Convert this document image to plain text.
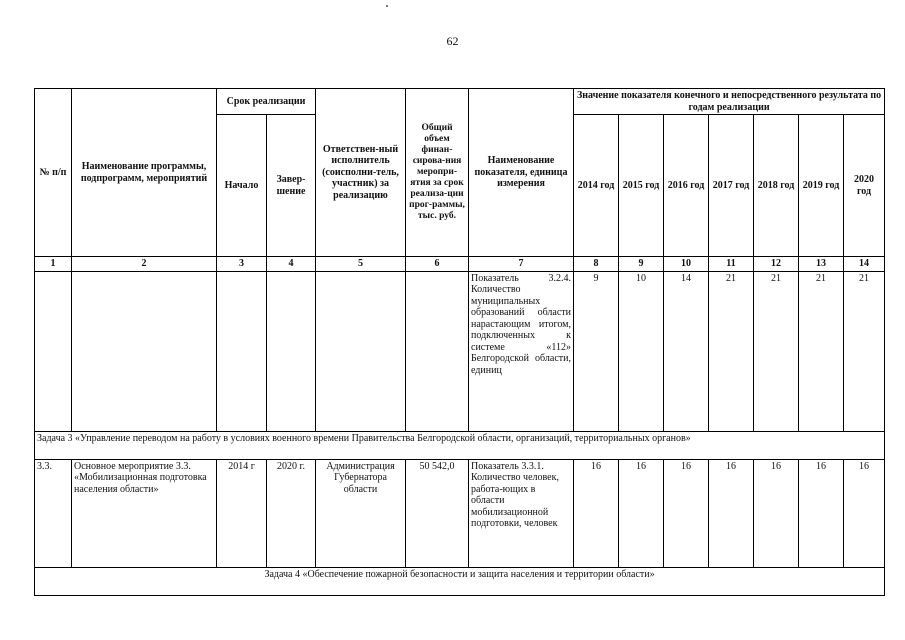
62
№ п/п	Наименование программы, подпрограмм, мероприятий	Срок реализации		Ответствен-ный исполнитель (соисполни-тель, участник) за реализацию	Общий объем финан-сирова-ния меропри-ятия за срок реализа-ции прог-раммы, тыс. руб.	Наименование показателя, единица измерения	Значение показателя конечного и непосредственного результата по годам реализации						
		Начало	Завер-шение				2014 год	2015 год	2016 год	2017 год	2018 год	2019 год	2020 год

1	2	3	4	5	6	7	8	9	10	11	12	13	14
						Показатель 3.2.4. Количество муниципальных образований области нарастающим итогом, подключенных к системе «112» Белгородской области, единиц	9	10	14	21	21	21	21
Задача 3 «Управление переводом на работу в условиях военного времени Правительства Белгородской области, организаций, территориальных органов»													
3.3.	Основное мероприятие 3.3. «Мобилизационная подготовка населения области»	2014 г	2020 г.	Администрация Губернатора области	50 542,0	Показатель 3.3.1. Количество человек, работа-ющих в области мобилизационной подготовки, человек	16	16	16	16	16	16	16
Задача 4 «Обеспечение пожарной безопасности и защита населения и территории области»													
